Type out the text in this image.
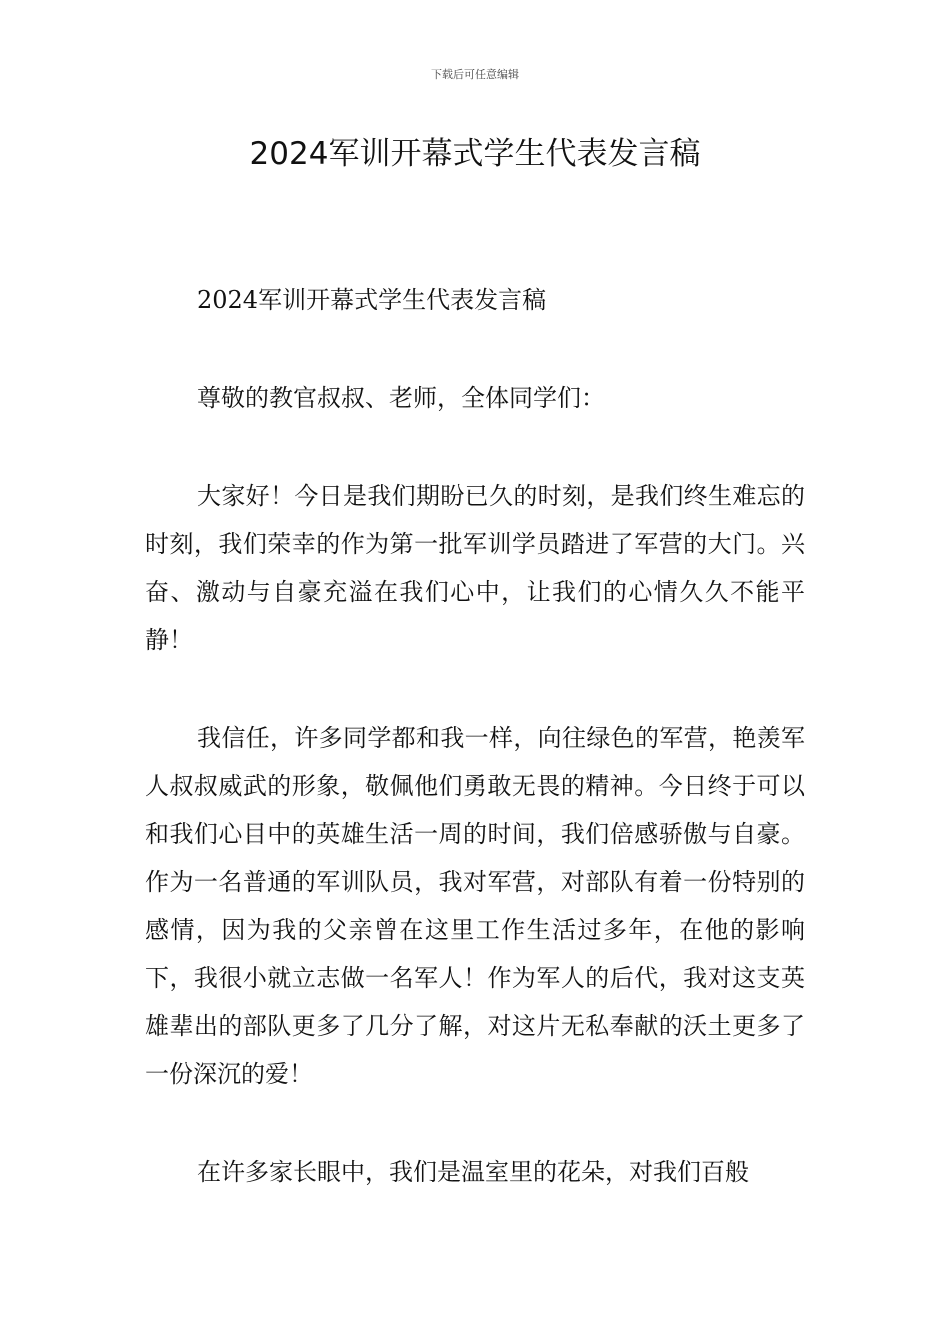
下载后可任意编辑
2024军训开幕式学生代表发言稿

2024军训开幕式学生代表发言稿

尊敬的教官叔叔、老师，全体同学们：

大家好！今日是我们期盼已久的时刻，是我们终生难忘的时刻，我们荣幸的作为第一批军训学员踏进了军营的大门。兴奋、激动与自豪充溢在我们心中，让我们的心情久久不能平静！

我信任，许多同学都和我一样，向往绿色的军营，艳羡军人叔叔威武的形象，敬佩他们勇敢无畏的精神。今日终于可以和我们心目中的英雄生活一周的时间，我们倍感骄傲与自豪。作为一名普通的军训队员，我对军营，对部队有着一份特别的感情，因为我的父亲曾在这里工作生活过多年，在他的影响下，我很小就立志做一名军人！作为军人的后代，我对这支英雄辈出的部队更多了几分了解，对这片无私奉献的沃土更多了一份深沉的爱！

在许多家长眼中，我们是温室里的花朵，对我们百般
